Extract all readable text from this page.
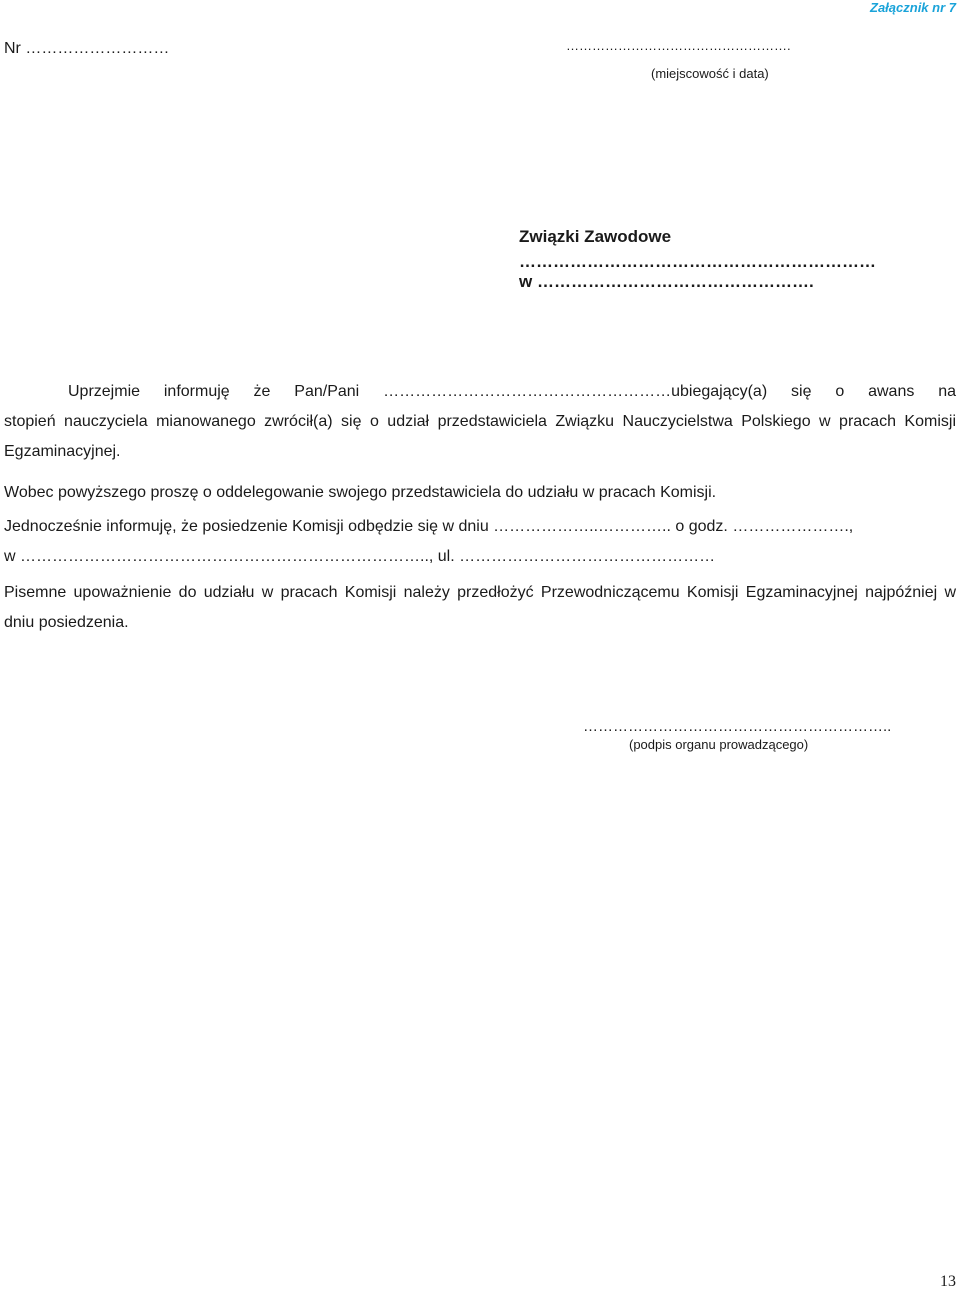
Załącznik nr 7
Nr ………………………	…………………………………………….
(miejscowość i data)
Związki Zawodowe
………………………………………………………
w ………………………………………….
Uprzejmie informuję że Pan/Pani ………………………………………………ubiegający(a) się o awans na
stopień nauczyciela mianowanego zwrócił(a) się o udział przedstawiciela Związku Nauczycielstwa Polskiego w pracach Komisji
Egzaminacyjnej.
Wobec powyższego proszę o oddelegowanie swojego przedstawiciela do udziału w pracach Komisji.
Jednocześnie informuję, że posiedzenie Komisji odbędzie się w dniu ………………..………….. o godz. ………………….,
w ………………………………………………………………….., ul. …………………………………………
Pisemne upoważnienie do udziału w pracach Komisji należy przedłożyć Przewodniczącemu Komisji Egzaminacyjnej najpóźniej w
dniu posiedzenia.
……………………………………………………..
(podpis organu prowadzącego)
13
